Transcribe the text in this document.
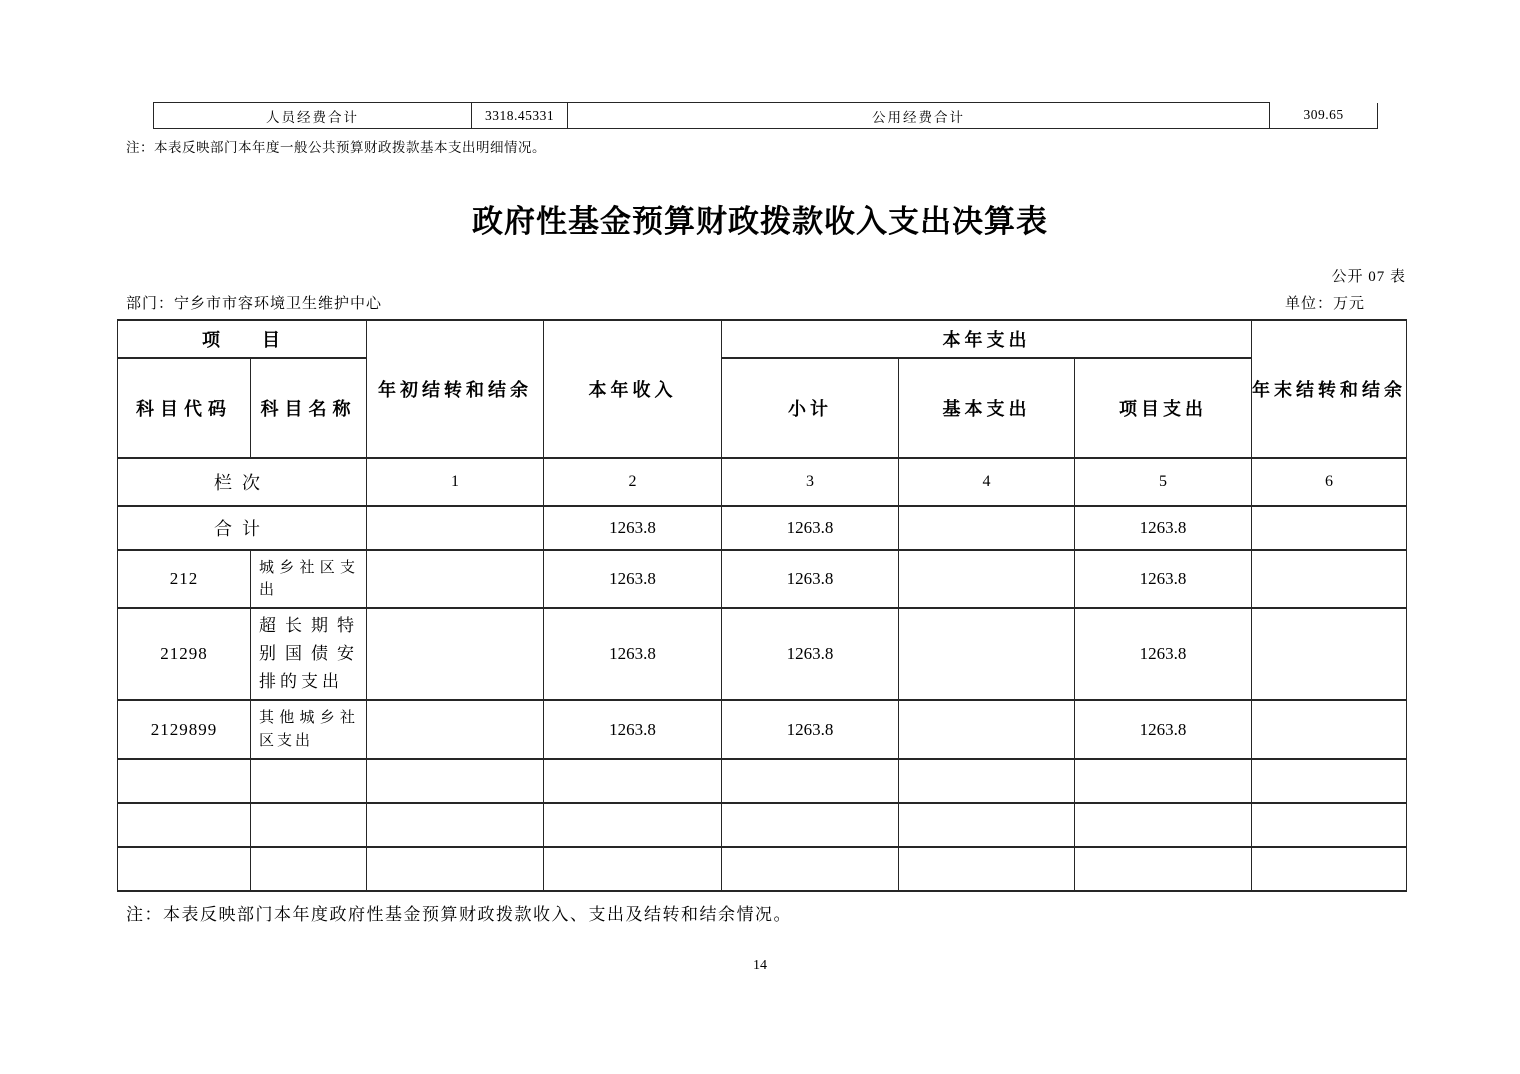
人员经费合计	3318.45331	公用经费合计	309.65
注：本表反映部门本年度一般公共预算财政拨款基本支出明细情况。
政府性基金预算财政拨款收入支出决算表
公开 07 表
部门：宁乡市市容环境卫生维护中心	单位：万元
项　　目		年初结转和结余	本年收入	本年支出			年末结转和结余
科目代码	科目名称			小计	基本支出	项目支出	
栏次		1	2	3	4	5	6
合计			1263.8	1263.8		1263.8	
212	城乡社区支出		1263.8	1263.8		1263.8	
21298	超长期特别国债安排的支出		1263.8	1263.8		1263.8	
2129899	其他城乡社区支出		1263.8	1263.8		1263.8	

注：本表反映部门本年度政府性基金预算财政拨款收入、支出及结转和结余情况。
14
